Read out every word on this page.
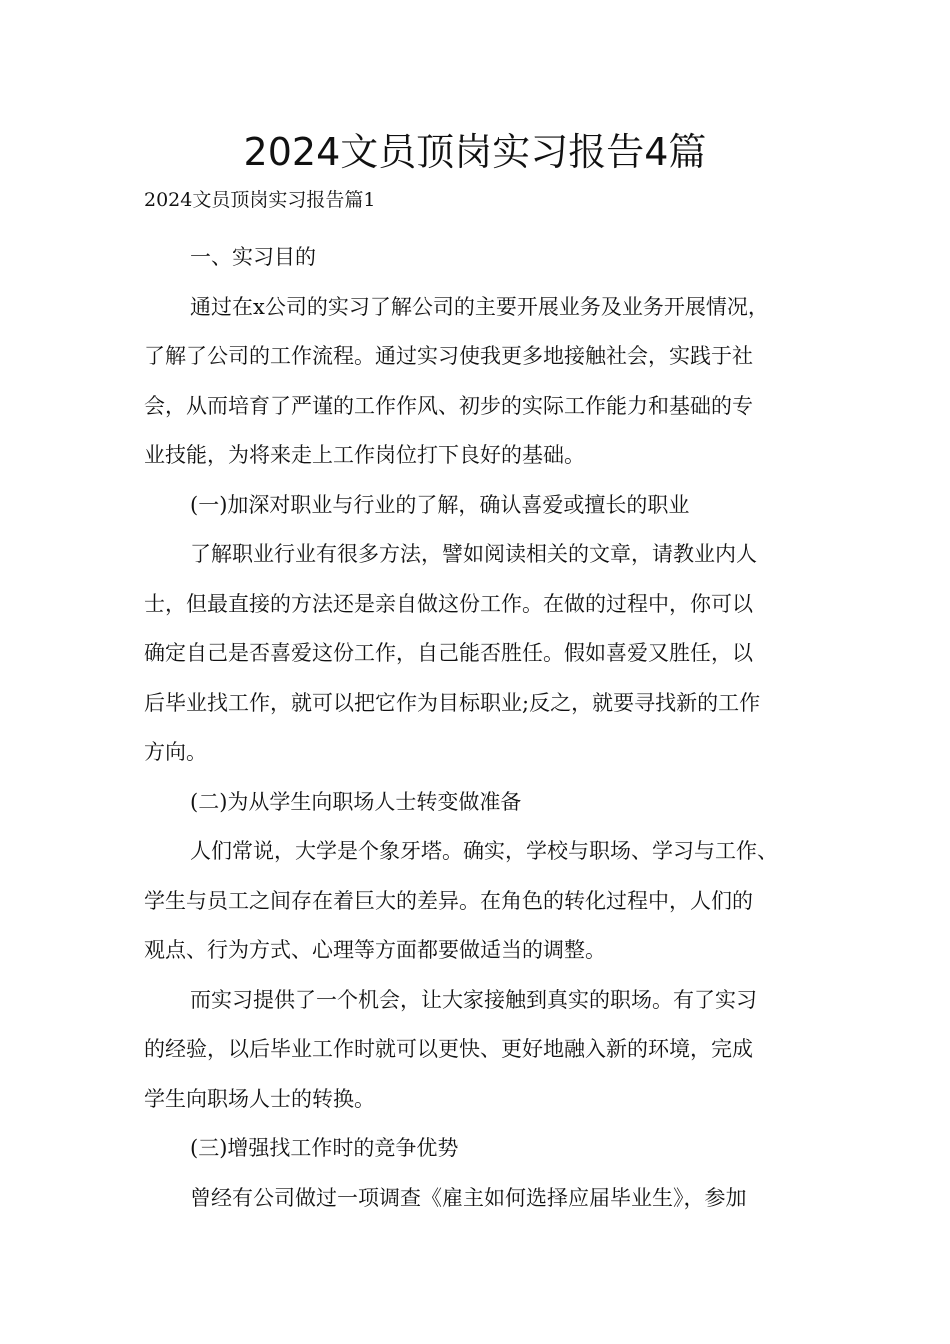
2024文员顶岗实习报告4篇

2024文员顶岗实习报告篇1

一、实习目的
通过在x公司的实习了解公司的主要开展业务及业务开展情况，
了解了公司的工作流程。通过实习使我更多地接触社会，实践于社
会，从而培育了严谨的工作作风、初步的实际工作能力和基础的专
业技能，为将来走上工作岗位打下良好的基础。
(一)加深对职业与行业的了解，确认喜爱或擅长的职业
了解职业行业有很多方法，譬如阅读相关的文章，请教业内人
士，但最直接的方法还是亲自做这份工作。在做的过程中，你可以
确定自己是否喜爱这份工作，自己能否胜任。假如喜爱又胜任，以
后毕业找工作，就可以把它作为目标职业;反之，就要寻找新的工作
方向。
(二)为从学生向职场人士转变做准备
人们常说，大学是个象牙塔。确实，学校与职场、学习与工作、
学生与员工之间存在着巨大的差异。在角色的转化过程中，人们的
观点、行为方式、心理等方面都要做适当的调整。
而实习提供了一个机会，让大家接触到真实的职场。有了实习
的经验，以后毕业工作时就可以更快、更好地融入新的环境，完成
学生向职场人士的转换。
(三)增强找工作时的竞争优势
曾经有公司做过一项调查《雇主如何选择应届毕业生》，参加
